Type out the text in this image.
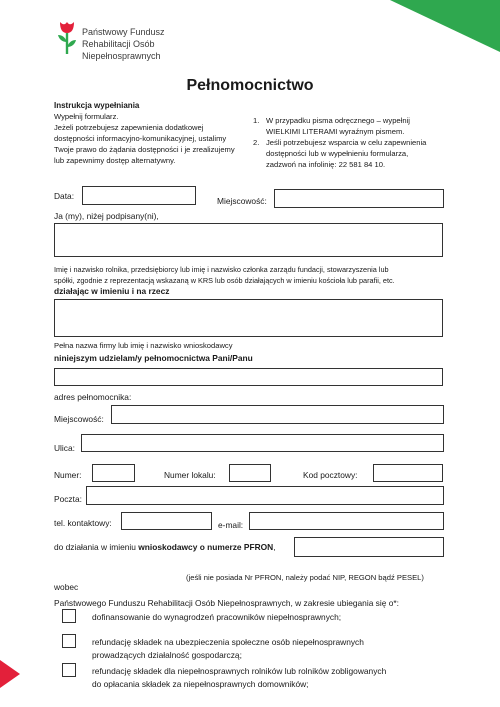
Państwowy Fundusz
Rehabilitacji Osób
Niepełnosprawnych
Pełnomocnictwo
Instrukcja wypełniania
Wypełnij formularz.
Jeżeli potrzebujesz zapewnienia dodatkowej
dostępności informacyjno-komunikacyjnej, ustalimy
Twoje prawo do żądania dostępności i je zrealizujemy
lub zapewnimy dostęp alternatywny.
1. W przypadku pisma odręcznego – wypełnij
WIELKIMI LITERAMI wyraźnym pismem.
2. Jeśli potrzebujesz wsparcia w celu zapewnienia
dostępności lub w wypełnieniu formularza,
zadzwoń na infolinię: 22 581 84 10.
Data:	Miejscowość:
Ja (my), niżej podpisany(ni),
Imię i nazwisko rolnika, przedsiębiorcy lub imię i nazwisko członka zarządu fundacji, stowarzyszenia lub
spółki, zgodnie z reprezentacją wskazaną w KRS lub osób działających w imieniu kościoła lub parafii, etc.
działając w imieniu i na rzecz
Pełna nazwa firmy lub imię i nazwisko wnioskodawcy
niniejszym udzielam/y pełnomocnictwa Pani/Panu
adres pełnomocnika:
Miejscowość:
Ulica:
Numer:	Numer lokalu:	Kod pocztowy:
Poczta:
tel. kontaktowy:	e-mail:
do działania w imieniu wnioskodawcy o numerze PFRON,
(jeśli nie posiada Nr PFRON, należy podać NIP, REGON bądź PESEL)
wobec
Państwowego Funduszu Rehabilitacji Osób Niepełnosprawnych, w zakresie ubiegania się o*:
dofinansowanie do wynagrodzeń pracowników niepełnosprawnych;
refundację składek na ubezpieczenia społeczne osób niepełnosprawnych
prowadzących działalność gospodarczą;
refundację składek dla niepełnosprawnych rolników lub rolników zobligowanych
do opłacania składek za niepełnosprawnych domowników;
